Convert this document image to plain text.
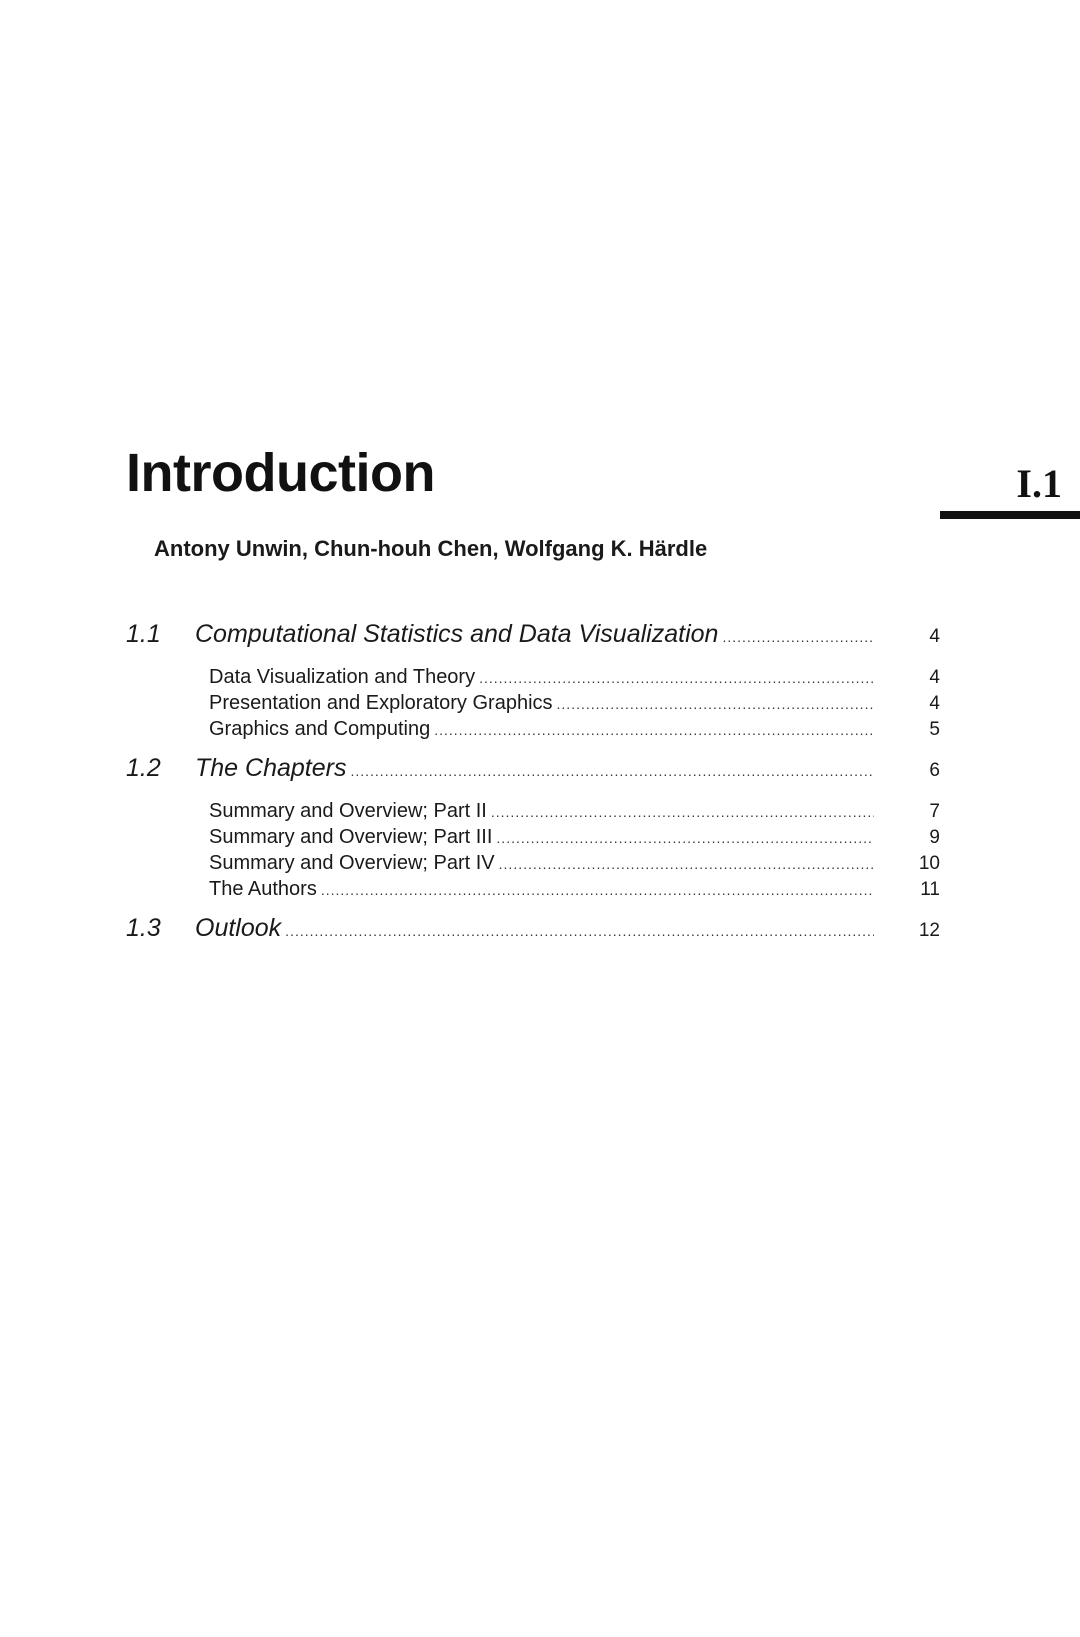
Introduction	I.1
Antony Unwin, Chun-houh Chen, Wolfgang K. Härdle
1.1	Computational Statistics and Data Visualization .....	4
Data Visualization and Theory .....	4
Presentation and Exploratory Graphics .....	4
Graphics and Computing .....	5
1.2	The Chapters .....	6
Summary and Overview; Part II .....	7
Summary and Overview; Part III .....	9
Summary and Overview; Part IV .....	10
The Authors .....	11
1.3	Outlook .....	12
